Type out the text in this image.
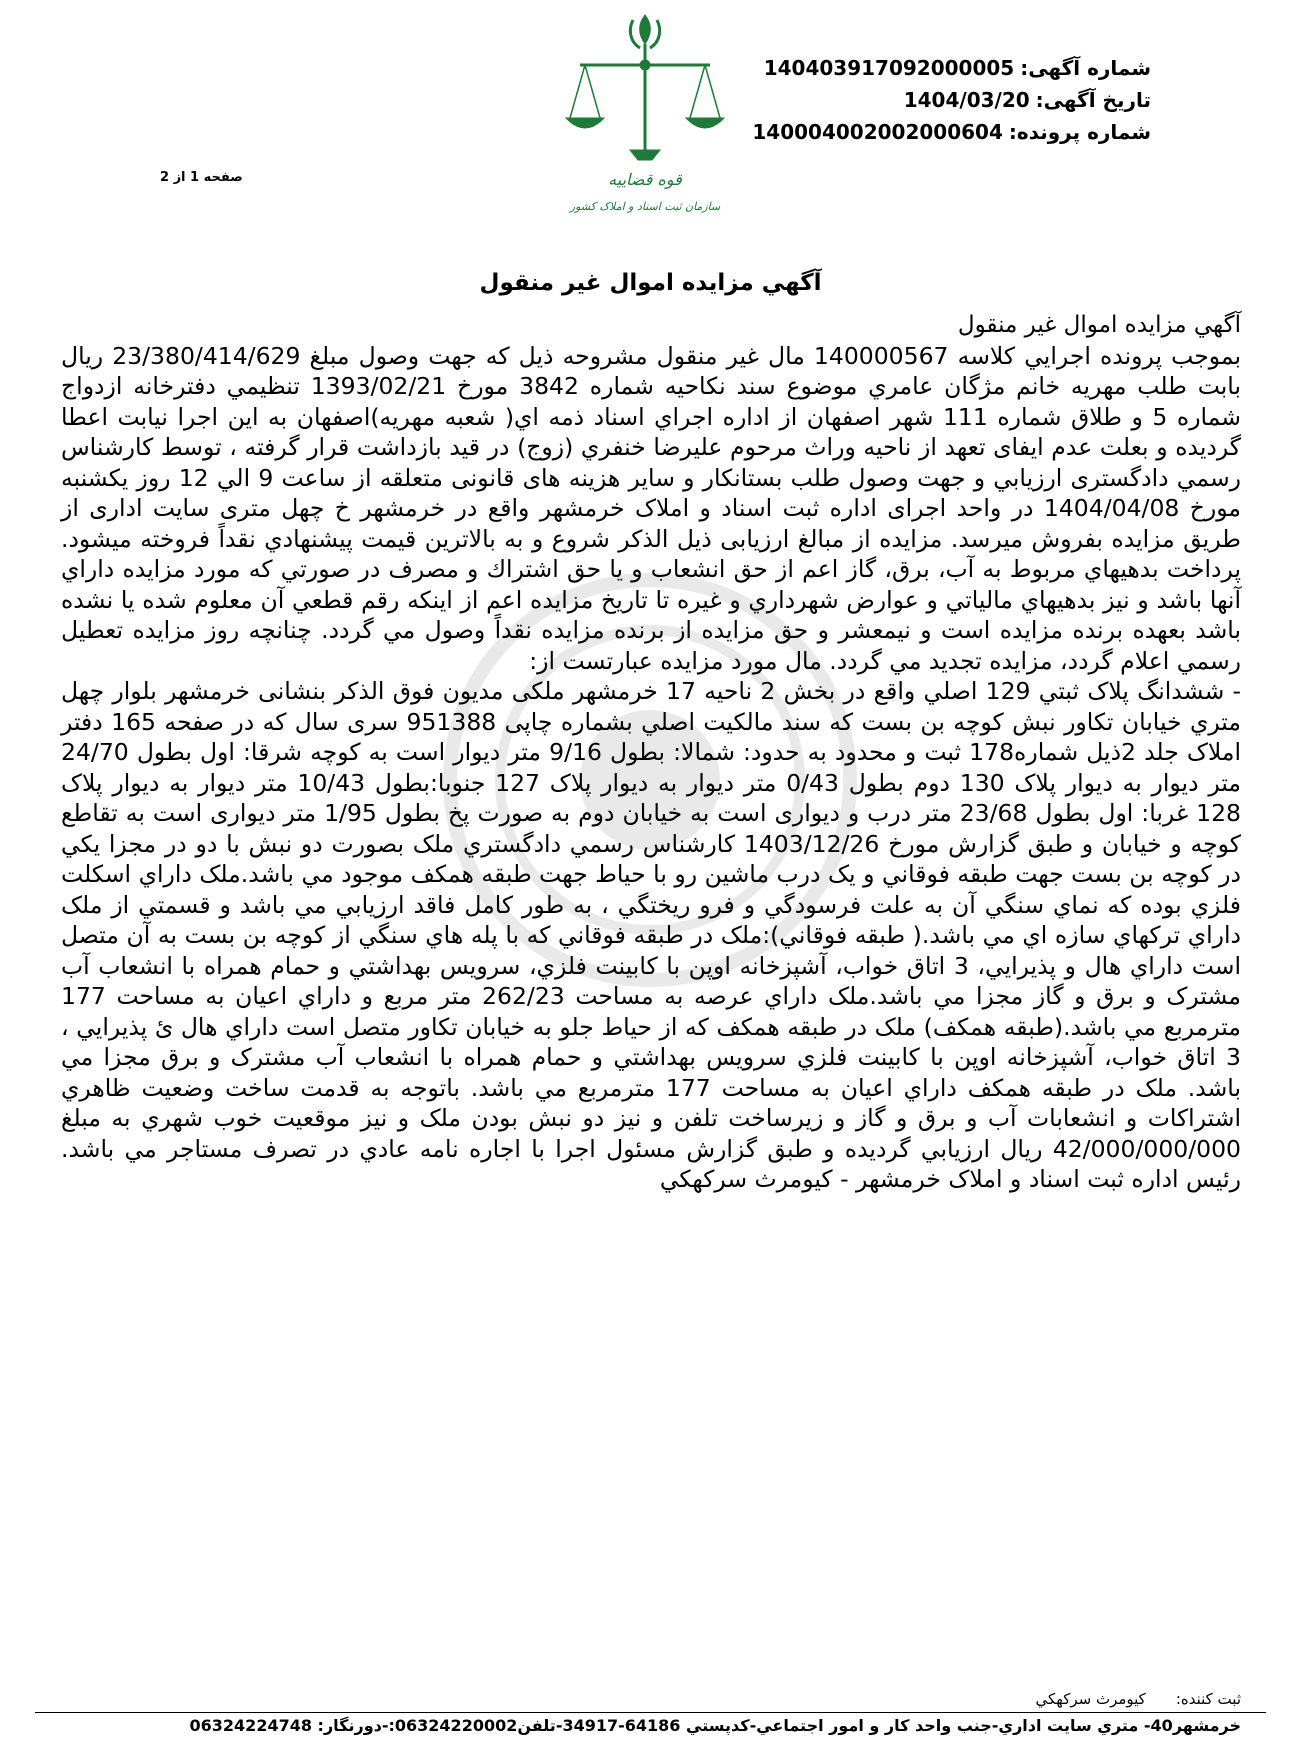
شماره آگهی:140403917092000005
تاریخ آگهی:1404/03/20
شماره پرونده:140004002002000604
قوه قضاییه
سازمان ثبت اسناد و املاک کشور
صفحه 1 از 2
آگهي مزايده اموال غير منقول

آگهي مزايده اموال غير منقول

بموجب پرونده اجرايي كلاسه 140000567 مال غير منقول مشروحه ذيل كه جهت وصول مبلغ 23/380/414/629 ريال بابت طلب مهريه خانم مژگان عامري موضوع سند نكاحيه شماره 3842 مورخ 1393/02/21 تنظيمي دفترخانه ازدواج شماره 5 و طلاق شماره 111 شهر اصفهان از اداره اجراي اسناد ذمه اي( شعبه مهريه)اصفهان به اين اجرا نيابت اعطا گرديده و بعلت عدم ایفای تعهد از ناحيه وراث مرحوم عليرضا خنفري (زوج) در قيد بازداشت قرار گرفته ، توسط كارشناس رسمي دادگستری ارزيابي و جهت وصول طلب بستانكار و ساير هزینه های قانونی متعلقه از ساعت 9 الي 12 روز يكشنبه مورخ 1404/04/08 در واحد اجرای اداره ثبت اسناد و املاک خرمشهر واقع در خرمشهر خ چهل متری سایت اداری از طريق مزايده بفروش ميرسد. مزايده از مبالغ ارزیابی ذيل الذكر شروع و به بالاترين قيمت پيشنهادي نقداً فروخته ميشود. پرداخت بدهيهاي مربوط به آب، برق، گاز اعم از حق انشعاب و يا حق اشتراك و مصرف در صورتي كه مورد مزايده داراي آنها باشد و نيز بدهيهاي مالياتي و عوارض شهرداري و غيره تا تاريخ مزايده اعم از اينكه رقم قطعي آن معلوم شده يا نشده باشد بعهده برنده مزايده است و نيمعشر و حق مزايده از برنده مزايده نقداً وصول مي گردد. چنانچه روز مزايده تعطيل رسمي اعلام گردد، مزايده تجديد مي گردد. مال مورد مزايده عبارتست از:

- ششدانگ پلاک ثبتي 129 اصلي واقع در بخش 2 ناحيه 17 خرمشهر ملكی مديون فوق الذكر بنشانی خرمشهر بلوار چهل متري خيابان تكاور نبش كوچه بن بست كه سند مالكيت اصلي بشماره چاپی 951388 سری سال كه در صفحه 165 دفتر املاک جلد 2ذيل شماره178 ثبت و محدود به حدود: شمالا: بطول 9/16 متر ديوار است به كوچه شرقا: اول بطول 24/70 متر ديوار به ديوار پلاک 130 دوم بطول 0/43 متر ديوار به ديوار پلاک 127 جنوبا:بطول 10/43 متر ديوار به ديوار پلاک 128 غربا: اول بطول 23/68 متر درب و ديواری است به خيابان دوم به صورت پخ بطول 1/95 متر ديواری است به تقاطع كوچه و خيابان و طبق گزارش مورخ 1403/12/26 كارشناس رسمي دادگستري ملک بصورت دو نبش با دو در مجزا يكي در كوچه بن بست جهت طبقه فوقاني و يک درب ماشين رو با حياط جهت طبقه همكف موجود مي باشد.ملک داراي اسكلت فلزي بوده كه نماي سنگي آن به علت فرسودگي و فرو ريختگي ، به طور كامل فاقد ارزيابي مي باشد و قسمتي از ملک داراي تركهاي سازه اي مي باشد.( طبقه فوقاني):ملک در طبقه فوقاني كه با پله هاي سنگي از كوچه بن بست به آن متصل است داراي هال و پذيرايي، 3 اتاق خواب، آشپزخانه اوپن با كابينت فلزي، سرويس بهداشتي و حمام همراه با انشعاب آب مشترک و برق و گاز مجزا مي باشد.ملک داراي عرصه به مساحت 262/23 متر مربع و داراي اعيان به مساحت 177 مترمربع مي باشد.(طبقه همكف) ملک در طبقه همكف كه از حياط جلو به خيابان تكاور متصل است داراي هال ئ پذيرايي ، 3 اتاق خواب، آشپزخانه اوپن با كابينت فلزي سرويس بهداشتي و حمام همراه با انشعاب آب مشترک و برق مجزا مي باشد. ملک در طبقه همكف داراي اعيان به مساحت 177 مترمربع مي باشد. باتوجه به قدمت ساخت وضعيت ظاهري اشتراكات و انشعابات آب و برق و گاز و زيرساخت تلفن و نيز دو نبش بودن ملک و نيز موقعيت خوب شهري به مبلغ 42/000/000/000 ريال ارزيابي گرديده و طبق گزارش مسئول اجرا با اجاره نامه عادي در تصرف مستاجر مي باشد. رئيس اداره ثبت اسناد و املاک خرمشهر - كيومرث سركهكي

ثبت كننده:كيومرث سركهكي
خرمشهر40- متري سايت اداري-جنب واحد كار و امور اجتماعي-كدپستي 64186-34917-تلفن06324220002:-دورنگار: 06324224748
